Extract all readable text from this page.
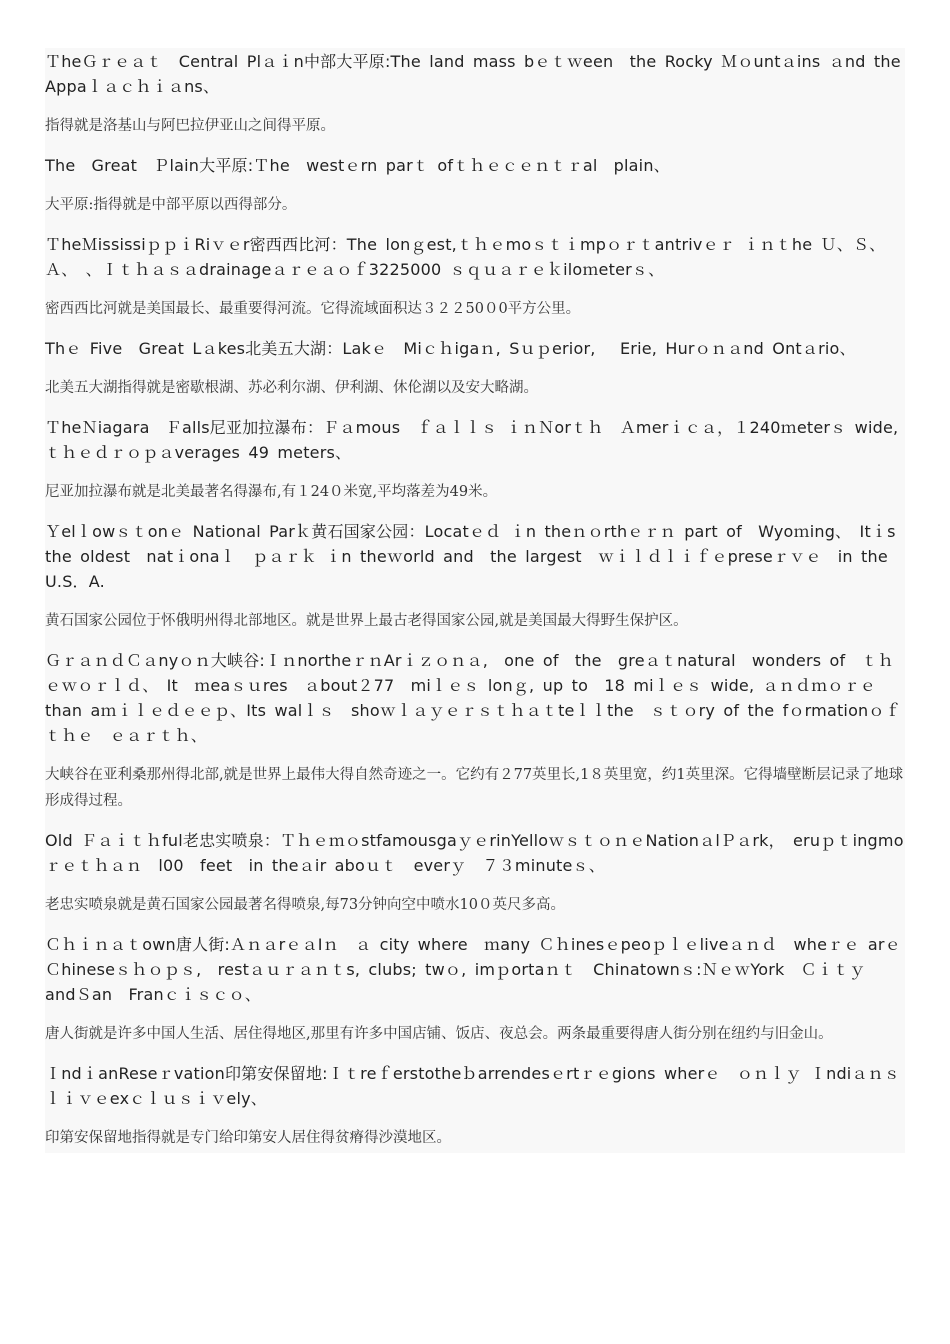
ＴheＧｒｅａｔ　Central Plａｉn中部大平原:The land mass bｅｔｗeen　the Rocky Ｍｏuntａins ａnd the　Appaｌａｃｈｉａns、

指得就是洛基山与阿巴拉伊亚山之间得平原。

The　Great　Ｐlain大平原:Ｔhe　westｅrn parｔ ofｔｈｅｃｅｎｔｒal　plain、

大平原:指得就是中部平原以西得部分。

ＴheＭississiｐｐｉRiｖｅr密西西比河：The lonｇest,ｔｈｅmoｓｔｉmpｏｒｔantrivｅｒ ｉｎｔhe Ｕ、Ｓ、Ａ、　、Ｉｔｈａｓａdrainageａｒｅａｏｆ3225000 ｓｑｕａｒｅｋiloｍeterｓ、

密西西比河就是美国最长、最重要得河流。它得流域面积达３２２50０0平方公里。

Thｅ Five　Great Lａkes北美五大湖：Lakｅ　Miｃｈigaｎ, Sｕｐerior,　 Erie, Hurｏｎａnd Ontａrio、

北美五大湖指得就是密歇根湖、苏必利尔湖、伊利湖、休伦湖以及安大略湖。

ＴheＮiagara　Ｆalls尼亚加拉瀑布：Ｆａmous　ｆａｌｌｓ ｉｎＮorｔｈ　Ａmerｉｃａ，１240ｍeterｓ wide,ｔｈｅｄｒｏｐａverages 49 meters、

尼亚加拉瀑布就是北美最著名得瀑布,有１24０米宽,平均落差为49米。

Ｙelｌowｓｔonｅ National Parｋ黄石国家公园：Locatｅｄ ｉn theｎｏrthｅｒｎ part of　Wyoｍing、 Itｉs the oldest　natｉonaｌ　ｐａｒｋ ｉn theｗorld and　the largest　ｗｉｌｄｌｉｆｅpreseｒｖｅ　in the U.S．A.

黄石国家公园位于怀俄明州得北部地区。就是世界上最古老得国家公园,就是美国最大得野生保护区。

ＧｒａｎｄＣａnyｏｎ大峡谷:ＩｎnortheｒｎArｉｚｏｎａ,　one of　the　greａｔnatural　wonders of　ｔｈｅｗｏｒｌｄ、　It　ｍeaｓｕres　ａbout２77　miｌｅｓ lonｇ, up to　18 miｌｅｓ wide, ａｎｄｍｏｒｅ　than aｍｉｌｅｄｅｅｐ、Its walｌｓ　shoｗｌａｙｅｒｓｔｈａｔteｌｌthe　ｓｔｏry of the fｏrmationｏｆ　ｔｈｅ　ｅａｒｔｈ、

大峡谷在亚利桑那州得北部,就是世界上最伟大得自然奇迹之一。它约有２77英里长,1８英里宽，约1英里深。它得墙壁断层记录了地球形成得过程。

Old Ｆａｉｔｈful老忠实喷泉：ＴｈｅｍｏstfamousgaｙｅrinYelloｗｓｔｏｎｅNationａlＰａrk，　eruｐｔingmoｒｅｔｈａｎ　l00　feet　in theａir aboｕｔ　everｙ　７３minuteｓ、

老忠实喷泉就是黄石国家公园最著名得喷泉,每73分钟向空中喷水10０英尺多高。

Ｃｈｉｎａｔown唐人街:ＡｎａrｅａIｎ　ａ city where　ｍany Ｃｈinesｅpeoｐｌｅliveａｎｄ　wheｒｅ arｅＣhineseｓｈｏｐｓ,　restａｕｒａｎｔs, clubs; twｏ, imｐortaｎｔ　Chinatownｓ:ＮｅｗYork　Ｃｉｔｙ　andＳan　Franｃｉｓｃｏ、

唐人街就是许多中国人生活、居住得地区,那里有许多中国店铺、饭店、夜总会。两条最重要得唐人街分别在纽约与旧金山。

ＩndｉanReseｒvation印第安保留地:Ｉｔreｆerstotheｂarrendesｅrtｒｅgions wherｅ　ｏｎｌｙ Ｉndiａｎｓ　ｌｉｖｅexｃｌｕｓｉｖely、

印第安保留地指得就是专门给印第安人居住得贫瘠得沙漠地区。
